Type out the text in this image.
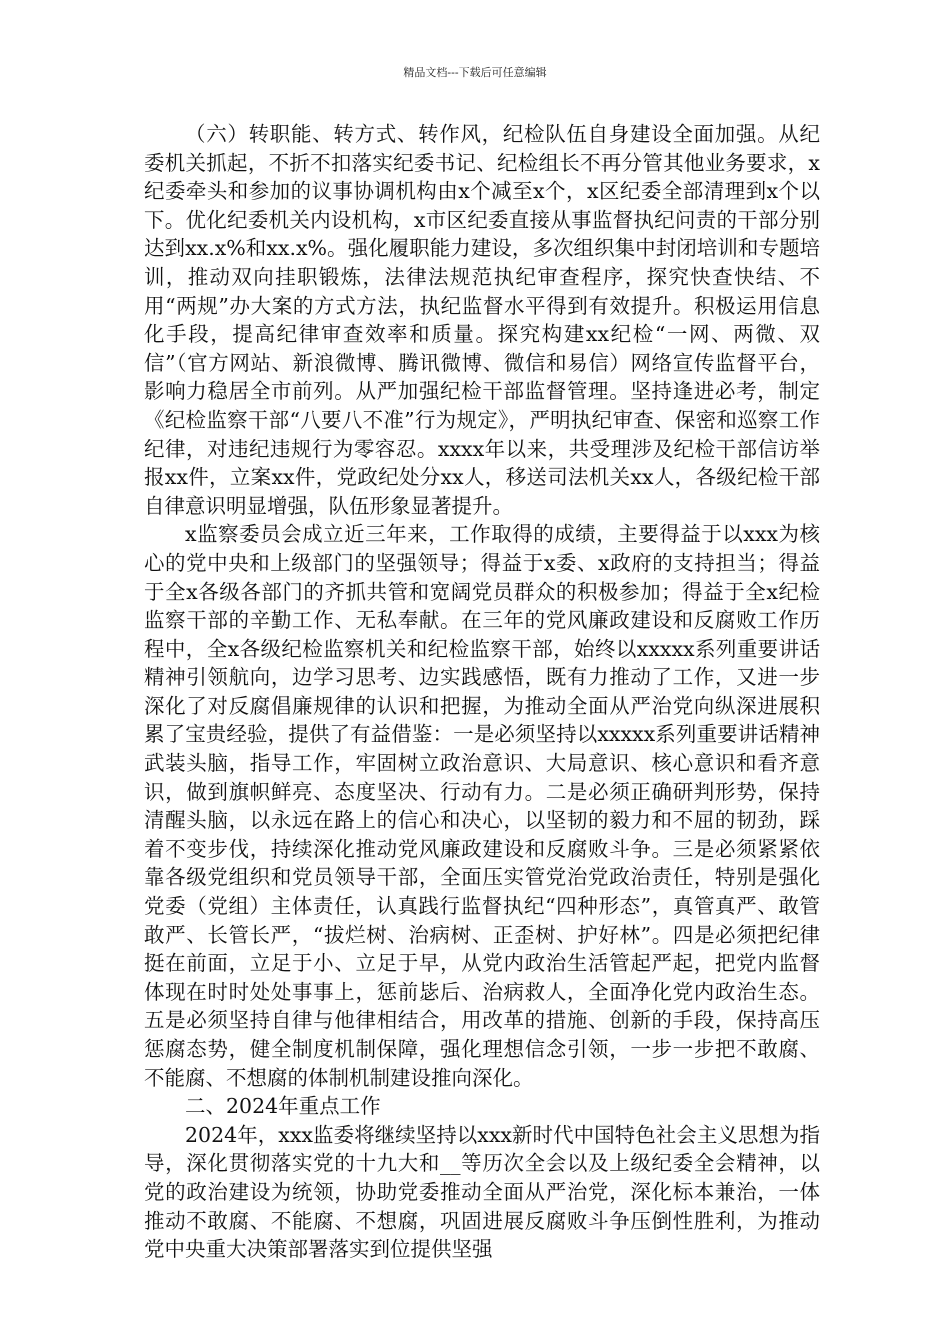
精品文档---下载后可任意编辑

（六）转职能、转方式、转作风，纪检队伍自身建设全面加强。从纪委机关抓起，不折不扣落实纪委书记、纪检组长不再分管其他业务要求，x纪委牵头和参加的议事协调机构由x个减至x个，x区纪委全部清理到x个以下。优化纪委机关内设机构，x市区纪委直接从事监督执纪问责的干部分别达到xx.x%和xx.x%。强化履职能力建设，多次组织集中封闭培训和专题培训，推动双向挂职锻炼，法律法规范执纪审查程序，探究快查快结、不用“两规”办大案的方式方法，执纪监督水平得到有效提升。积极运用信息化手段，提高纪律审查效率和质量。探究构建xx纪检“一网、两微、双信”（官方网站、新浪微博、腾讯微博、微信和易信）网络宣传监督平台，影响力稳居全市前列。从严加强纪检干部监督管理。坚持逢进必考，制定《纪检监察干部“八要八不准”行为规定》，严明执纪审查、保密和巡察工作纪律，对违纪违规行为零容忍。xxxx年以来，共受理涉及纪检干部信访举报xx件，立案xx件，党政纪处分xx人，移送司法机关xx人，各级纪检干部自律意识明显增强，队伍形象显著提升。

x监察委员会成立近三年来，工作取得的成绩，主要得益于以xxx为核心的党中央和上级部门的坚强领导；得益于x委、x政府的支持担当；得益于全x各级各部门的齐抓共管和宽阔党员群众的积极参加；得益于全x纪检监察干部的辛勤工作、无私奉献。在三年的党风廉政建设和反腐败工作历程中，全x各级纪检监察机关和纪检监察干部，始终以xxxxx系列重要讲话精神引领航向，边学习思考、边实践感悟，既有力推动了工作，又进一步深化了对反腐倡廉规律的认识和把握，为推动全面从严治党向纵深进展积累了宝贵经验，提供了有益借鉴：一是必须坚持以xxxxx系列重要讲话精神武装头脑，指导工作，牢固树立政治意识、大局意识、核心意识和看齐意识，做到旗帜鲜亮、态度坚决、行动有力。二是必须正确研判形势，保持清醒头脑，以永远在路上的信心和决心，以坚韧的毅力和不屈的韧劲，踩着不变步伐，持续深化推动党风廉政建设和反腐败斗争。三是必须紧紧依靠各级党组织和党员领导干部，全面压实管党治党政治责任，特别是强化党委（党组）主体责任，认真践行监督执纪“四种形态”，真管真严、敢管敢严、长管长严，“拔烂树、治病树、正歪树、护好林”。四是必须把纪律挺在前面，立足于小、立足于早，从党内政治生活管起严起，把党内监督体现在时时处处事事上，惩前毖后、治病救人，全面净化党内政治生态。五是必须坚持自律与他律相结合，用改革的措施、创新的手段，保持高压惩腐态势，健全制度机制保障，强化理想信念引领，一步一步把不敢腐、不能腐、不想腐的体制机制建设推向深化。

二、2024年重点工作

2024年，xxx监委将继续坚持以xxx新时代中国特色社会主义思想为指导，深化贯彻落实党的十九大和__等历次全会以及上级纪委全会精神，以党的政治建设为统领，协助党委推动全面从严治党，深化标本兼治，一体推动不敢腐、不能腐、不想腐，巩固进展反腐败斗争压倒性胜利，为推动党中央重大决策部署落实到位提供坚强
